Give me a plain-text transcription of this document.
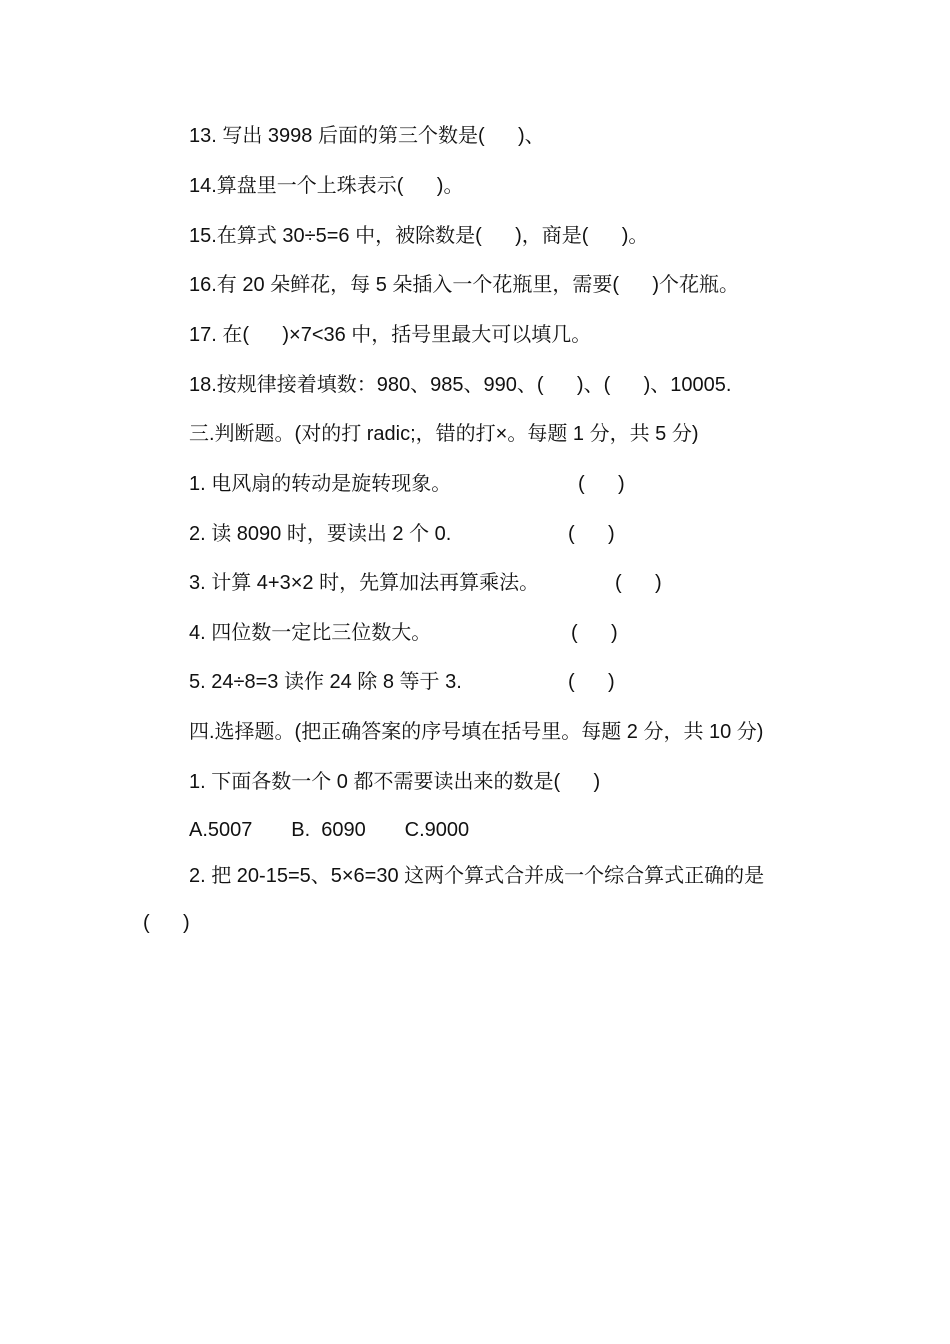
13. 写出 3998 后面的第三个数是(      )、
14.算盘里一个上珠表示(      )。
15.在算式 30÷5=6 中，被除数是(      )，商是(      )。
16.有 20 朵鲜花，每 5 朵插入一个花瓶里，需要(      )个花瓶。
17. 在(      )×7<36 中，括号里最大可以填几。
18.按规律接着填数：980、985、990、(      )、(      )、10005.
三.判断题。(对的打 radic;，错的打×。每题 1 分，共 5 分)
1. 电风扇的转动是旋转现象。	(      )
2. 读 8090 时，要读出 2 个 0.	(      )
3. 计算 4+3×2 时，先算加法再算乘法。	(      )
4. 四位数一定比三位数大。	(      )
5. 24÷8=3 读作 24 除 8 等于 3.	(      )
四.选择题。(把正确答案的序号填在括号里。每题 2 分，共 10 分)
1. 下面各数一个 0 都不需要读出来的数是(      )
A.5007       B.  6090       C.9000
2. 把 20-15=5、5×6=30 这两个算式合并成一个综合算式正确的是
(      )
